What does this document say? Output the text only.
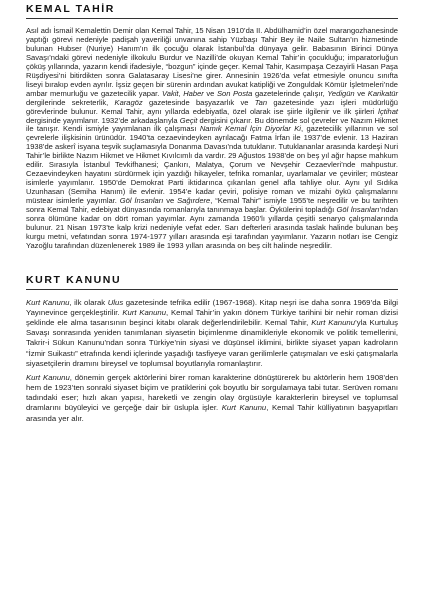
KEMAL TAHİR

Asıl adı İsmail Kemalettin Demir olan Kemal Tahir, 15 Nisan 1910’da II. Abdülhamid’in özel marangozhanesinde yaptığı görevi nedeniyle padişah yaveriliği unvanına sahip Yüzbaşı Tahir Bey ile Naile Sultan’ın hizmetinde bulunan Hubser (Nuriye) Hanım’ın ilk çocuğu olarak İstanbul’da dünyaya gelir. Babasının Birinci Dünya Savaşı’ndaki görevi nedeniyle ilkokulu Burdur ve Nazilli’de okuyan Kemal Tahir’in çocukluğu; imparatorluğun çöküş yıllarında, yazarın kendi ifadesiyle, “bozgun” içinde geçer. Kemal Tahir, Kasımpaşa Cezayirli Hasan Paşa Rüşdiyesi’ni bitirdikten sonra Galatasaray Lisesi’ne girer. Annesinin 1926’da vefat etmesiyle onuncu sınıfta liseyi bırakıp evden ayrılır. İşsiz geçen bir sürenin ardından avukat katipliği ve Zonguldak Kömür İşletmeleri’nde ambar memurluğu ve gazetecilik yapar. Vakit, Haber ve Son Posta gazetelerinde çalışır, Yedigün ve Karikatür dergilerinde sekreterlik, Karagöz gazetesinde başyazarlık ve Tan gazetesinde yazı işleri müdürlüğü görevlerinde bulunur. Kemal Tahir, aynı yıllarda edebiyatla, özel olarak ise şiirle ilgilenir ve ilk şiirleri İçtihat dergisinde yayımlanır. 1932’de arkadaşlarıyla Geçit dergisini çıkarır. Bu dönemde sol çevreler ve Nazım Hikmet ile tanışır. Kendi ismiyle yayımlanan ilk çalışması Namık Kemal İçin Diyorlar Ki, gazetecilik yıllarının ve sol çevrelerle ilişkisinin ürünüdür. 1940’ta cezaevindeyken ayrılacağı Fatma İrfan ile 1937’de evlenir. 13 Haziran 1938’de askerî isyana teşvik suçlamasıyla Donanma Davası’nda tutuklanır. Tutuklananlar arasında kardeşi Nuri Tahir’le birlikte Nazım Hikmet ve Hikmet Kıvılcımlı da vardır. 29 Ağustos 1938’de on beş yıl ağır hapse mahkum edilir. Sırasıyla İstanbul Tevkifhanesi; Çankırı, Malatya, Çorum ve Nevşehir Cezaevleri’nde mahpustur. Cezaevindeyken hayatını sürdürmek için yazdığı hikayeler, tefrika romanlar, uyarlamalar ve çeviriler; müstear isimlerle yayımlanır. 1950’de Demokrat Parti iktidarınca çıkarılan genel afla tahliye olur. Aynı yıl Sıdıka Uzunhasan (Semiha Hanım) ile evlenir. 1954’e kadar çeviri, polisiye roman ve mizahi öykü çalışmalarını müstear isimlerle yayımlar. Göl İnsanları ve Sağırdere, “Kemal Tahir” ismiyle 1955’te neşredilir ve bu tarihten sonra Kemal Tahir, edebiyat dünyasında romanlarıyla tanınmaya başlar. Öykülerini topladığı Göl İnsanları’ndan sonra ölümüne kadar on dört roman yayımlar. Aynı zamanda 1960’lı yıllarda çeşitli senaryo çalışmalarında bulunur. 21 Nisan 1973’te kalp krizi nedeniyle vefat eder. Sarı defterleri arasında taslak halinde bulunan beş kurgu metni, vefatından sonra 1974-1977 yılları arasında eşi tarafından yayımlanır. Yazarın notları ise Cengiz Yazoğlu tarafından düzenlenerek 1989 ile 1993 yılları arasında on beş cilt halinde neşredilir.

KURT KANUNU

Kurt Kanunu, ilk olarak Ulus gazetesinde tefrika edilir (1967-1968). Kitap neşri ise daha sonra 1969’da Bilgi Yayınevince gerçekleştirilir. Kurt Kanunu, Kemal Tahir’in yakın dönem Türkiye tarihini bir nehir roman dizisi şeklinde ele alma tasarısının beşinci kitabı olarak değerlendirilebilir. Kemal Tahir, Kurt Kanunu’yla Kurtuluş Savaşı sonrasında yeniden tanımlanan siyasetin biçimlenme dinamikleriyle ekonomik ve politik temellerini, Takrir-i Sükun Kanunu’ndan sonra Türkiye’nin siyasi ve düşünsel iklimini, birlikte siyaset yapan kadroların “İzmir Suikastı” etrafında kendi içlerinde yaşadığı tasfiyeye varan gerilimlerle çatışmaları ve eski çatışmalarla siyasetçilerin dramını bireysel ve toplumsal boyutlarıyla romanlaştırır.

Kurt Kanunu, dönemin gerçek aktörlerini birer roman karakterine dönüştürerek bu aktörlerin hem 1908’den hem de 1923’ten sonraki siyaset biçim ve pratiklerini çok boyutlu bir sorgulamaya tabi tutar. Serüven romanı tadındaki eser; hızlı akan yapısı, hareketli ve zengin olay örgüsüyle karakterlerin bireysel ve toplumsal dramlarını büyüleyici ve gerçeğe dair bir üslupla işler. Kurt Kanunu, Kemal Tahir külliyatının başyapıtları arasında yer alır.
